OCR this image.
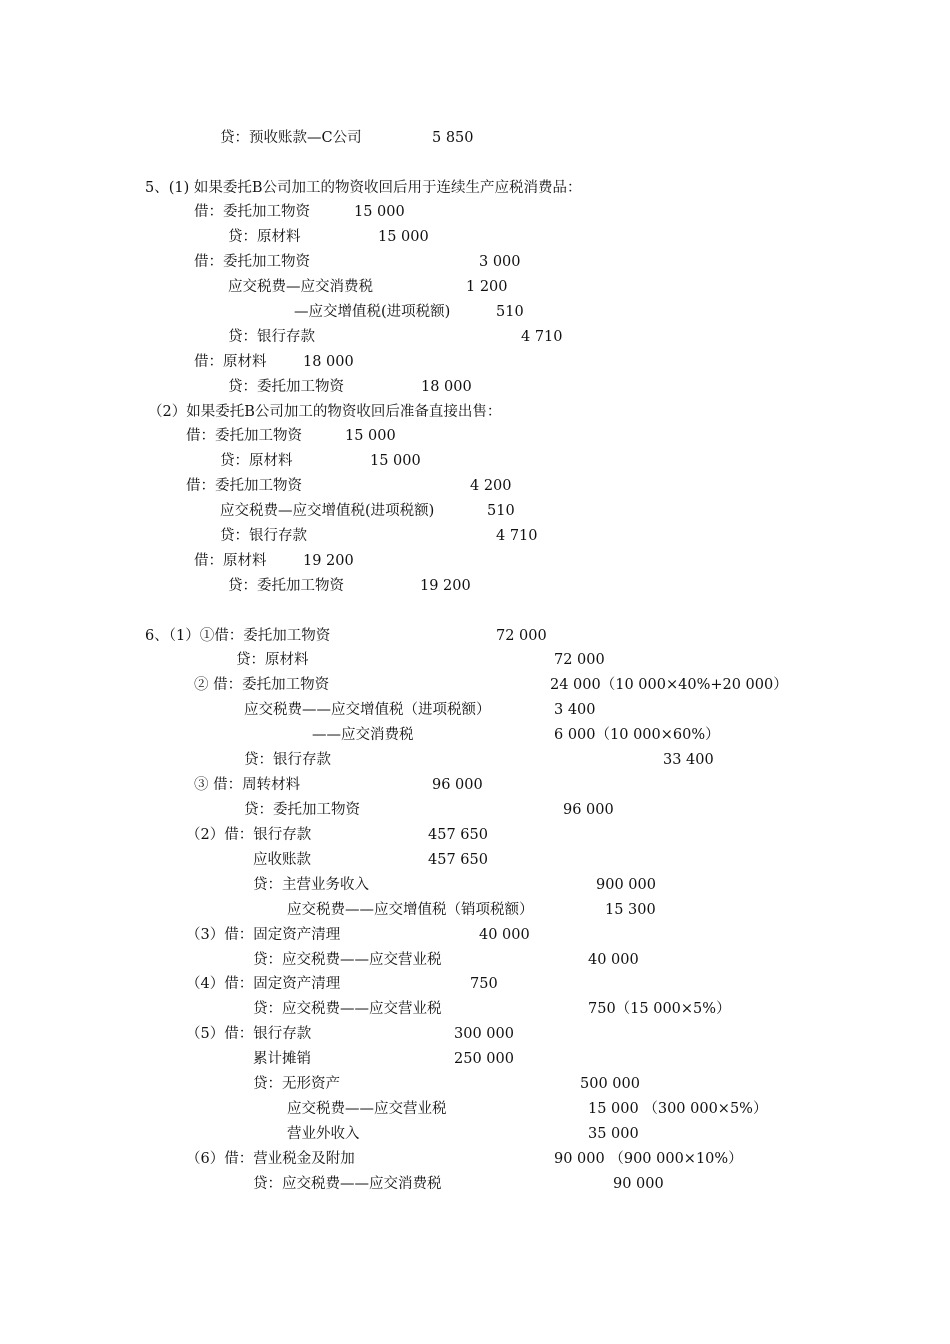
贷：预收账款—C公司	5 850
5、(1) 如果委托B公司加工的物资收回后用于连续生产应税消费品：
借：委托加工物资	15 000
贷：原材料	15 000
借：委托加工物资	3 000
应交税费—应交消费税	1 200
—应交增值税(进项税额)	510
贷：银行存款	4 710
借：原材料	18 000
贷：委托加工物资	18 000
（2）如果委托B公司加工的物资收回后准备直接出售：
借：委托加工物资	15 000
贷：原材料	15 000
借：委托加工物资	4 200
应交税费—应交增值税(进项税额)	510
贷：银行存款	4 710
借：原材料	19 200
贷：委托加工物资	19 200
6、（1）①借：委托加工物资	72 000
贷：原材料	72 000
② 借：委托加工物资	24 000（10 000×40%+20 000）
应交税费——应交增值税（进项税额）	3 400
——应交消费税	6 000（10 000×60%）
贷：银行存款	33 400
③ 借：周转材料	96 000
贷：委托加工物资	96 000
（2）借：银行存款	457 650
应收账款	457 650
贷：主营业务收入	900 000
应交税费——应交增值税（销项税额）	15 300
（3）借：固定资产清理	40 000
贷：应交税费——应交营业税	40 000
（4）借：固定资产清理	750
贷：应交税费——应交营业税	750（15 000×5%）
（5）借：银行存款	300 000
累计摊销	250 000
贷：无形资产	500 000
应交税费——应交营业税	15 000 （300 000×5%）
营业外收入	35 000
（6）借：营业税金及附加	90 000 （900 000×10%）
贷：应交税费——应交消费税	90 000
